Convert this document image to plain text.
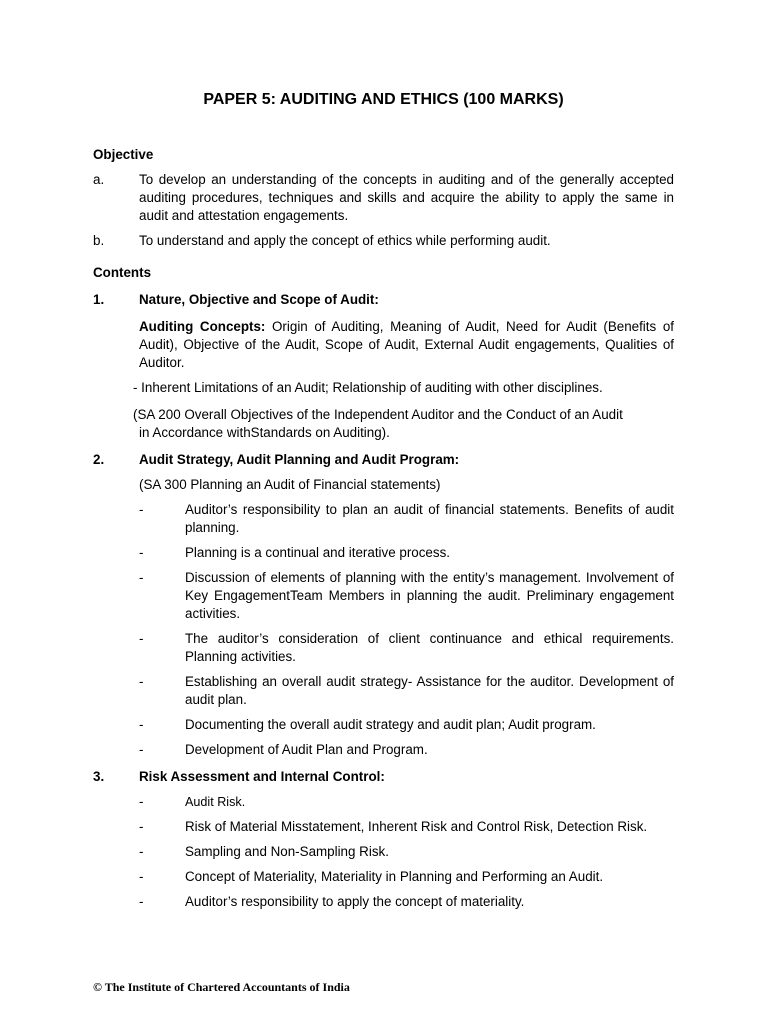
PAPER 5: AUDITING AND ETHICS (100 MARKS)
Objective
a.	To develop an understanding of the concepts in auditing and of the generally accepted auditing procedures, techniques and skills and acquire the ability to apply the same in audit and attestation engagements.
b.	To understand and apply the concept of ethics while performing audit.
Contents
1.	Nature, Objective and Scope of Audit:
Auditing Concepts: Origin of Auditing, Meaning of Audit, Need for Audit (Benefits of Audit), Objective of the Audit, Scope of Audit, External Audit engagements, Qualities of Auditor.
- Inherent Limitations of an Audit; Relationship of auditing with other disciplines.
(SA 200 Overall Objectives of the Independent Auditor and the Conduct of an Audit
in Accordance withStandards on Auditing).
2.	Audit Strategy, Audit Planning and Audit Program:
(SA 300 Planning an Audit of Financial statements)
-	Auditor’s responsibility to plan an audit of financial statements. Benefits of audit planning.
-	Planning is a continual and iterative process.
-	Discussion of elements of planning with the entity’s management. Involvement of Key EngagementTeam Members in planning the audit. Preliminary engagement activities.
-	The auditor’s consideration of client continuance and ethical requirements. Planning activities.
-	Establishing an overall audit strategy- Assistance for the auditor. Development of audit plan.
-	Documenting the overall audit strategy and audit plan; Audit program.
-	Development of Audit Plan and Program.
3.	Risk Assessment and Internal Control:
-	Audit Risk.
-	Risk of Material Misstatement, Inherent Risk and Control Risk, Detection Risk.
-	Sampling and Non-Sampling Risk.
-	Concept of Materiality, Materiality in Planning and Performing an Audit.
-	Auditor’s responsibility to apply the concept of materiality.
© The Institute of Chartered Accountants of India
